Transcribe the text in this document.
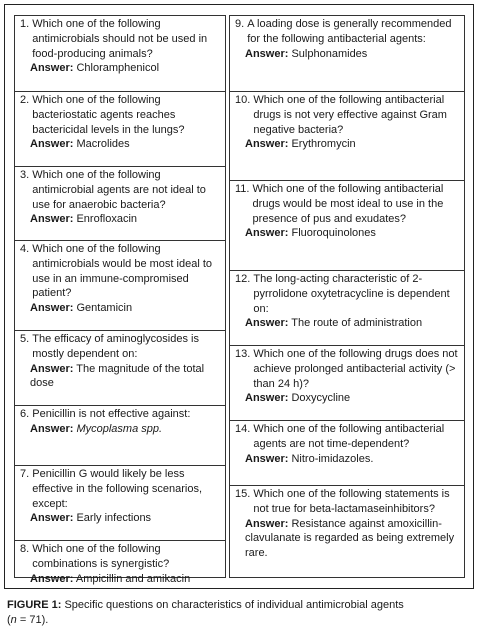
1.
Which one of the following antimicrobials should not be used in food-producing animals?
Answer: Chloramphenicol
2.
Which one of the following bacteriostatic agents reaches bactericidal levels in the lungs?
Answer: Macrolides
3.
Which one of the following antimicrobial agents are not ideal to use for anaerobic bacteria?
Answer: Enrofloxacin
4.
Which one of the following antimicrobials would be most ideal to use in an immune-compromised patient?
Answer: Gentamicin
5.
The efficacy of aminoglycosides is mostly dependent on:
Answer: The magnitude of the total dose
6.
Penicillin is not effective against:
Answer: Mycoplasma spp.
7.
Penicillin G would likely be less effective in the following scenarios, except:
Answer: Early infections
8.
Which one of the following combinations is synergistic?
Answer: Ampicillin and amikacin
9.
A loading dose is generally recommended for the following antibacterial agents:
Answer: Sulphonamides
10.
Which one of the following antibacterial drugs is not very effective against Gram negative bacteria?
Answer: Erythromycin
11.
Which one of the following antibacterial drugs would be most ideal to use in the presence of pus and exudates?
Answer: Fluoroquinolones
12.
The long-acting characteristic of 2-pyrrolidone oxytetracycline is dependent on:
Answer: The route of administration
13.
Which one of the following drugs does not achieve prolonged antibacterial activity (> than 24 h)?
Answer: Doxycycline
14.
Which one of the following antibacterial agents are not time-dependent?
Answer: Nitro-imidazoles.
15.
Which one of the following statements is not true for beta-lactamaseinhibitors?
Answer: Resistance against amoxicillin-clavulanate is regarded as being extremely rare.
FIGURE 1: Specific questions on characteristics of individual antimicrobial agents
(n = 71).
